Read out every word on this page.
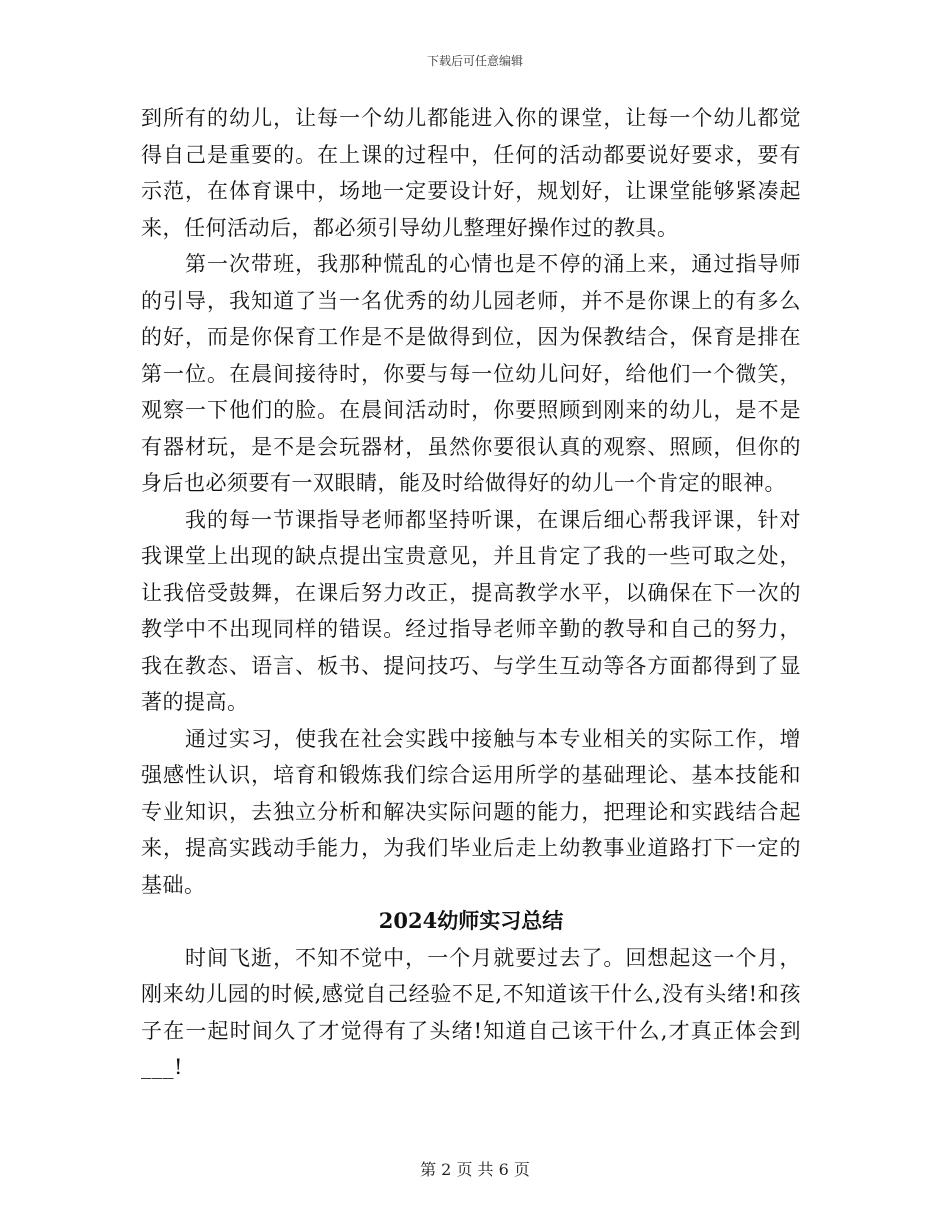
下载后可任意编辑

到所有的幼儿，让每一个幼儿都能进入你的课堂，让每一个幼儿都觉得自己是重要的。在上课的过程中，任何的活动都要说好要求，要有示范，在体育课中，场地一定要设计好，规划好，让课堂能够紧凑起来，任何活动后，都必须引导幼儿整理好操作过的教具。

第一次带班，我那种慌乱的心情也是不停的涌上来，通过指导师的引导，我知道了当一名优秀的幼儿园老师，并不是你课上的有多么的好，而是你保育工作是不是做得到位，因为保教结合，保育是排在第一位。在晨间接待时，你要与每一位幼儿问好，给他们一个微笑，观察一下他们的脸。在晨间活动时，你要照顾到刚来的幼儿，是不是有器材玩，是不是会玩器材，虽然你要很认真的观察、照顾，但你的身后也必须要有一双眼睛，能及时给做得好的幼儿一个肯定的眼神。

我的每一节课指导老师都坚持听课，在课后细心帮我评课，针对我课堂上出现的缺点提出宝贵意见，并且肯定了我的一些可取之处，让我倍受鼓舞，在课后努力改正，提高教学水平，以确保在下一次的教学中不出现同样的错误。经过指导老师辛勤的教导和自己的努力，我在教态、语言、板书、提问技巧、与学生互动等各方面都得到了显著的提高。

通过实习，使我在社会实践中接触与本专业相关的实际工作，增强感性认识，培育和锻炼我们综合运用所学的基础理论、基本技能和专业知识，去独立分析和解决实际问题的能力，把理论和实践结合起来，提高实践动手能力，为我们毕业后走上幼教事业道路打下一定的基础。

2024幼师实习总结

时间飞逝，不知不觉中，一个月就要过去了。回想起这一个月，刚来幼儿园的时候,感觉自己经验不足,不知道该干什么,没有头绪!和孩子在一起时间久了才觉得有了头绪!知道自己该干什么,才真正体会到___!

第 2 页 共 6 页
